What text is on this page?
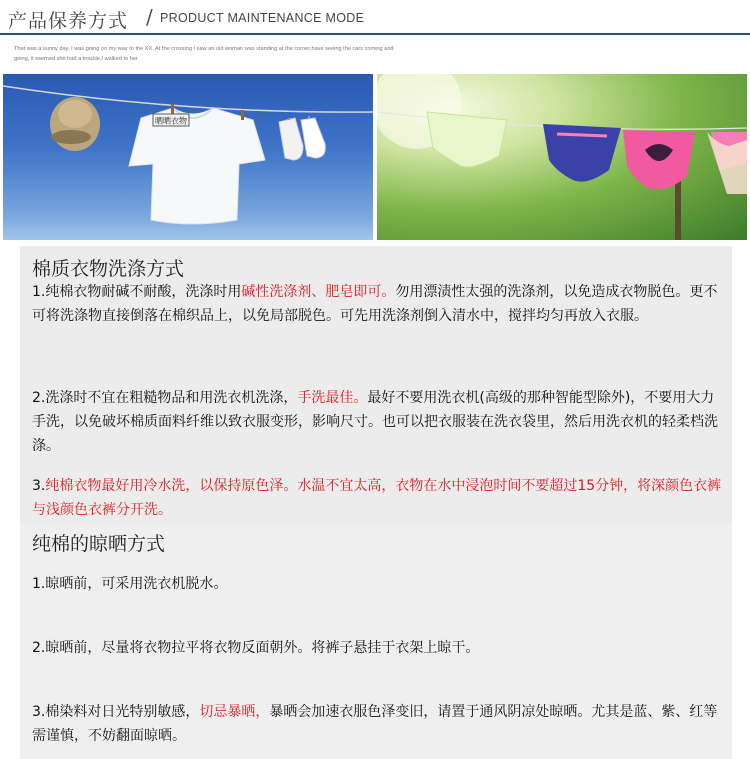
产品保养方式 / PRODUCT MAINTENANCE MODE
That was a sunny day, I was going on my way to the XX. At the crossing I saw an old woman was standing at the corner,have seeing the cars coming and going, it seemed she had a trouble,I walked to her
晒晒衣物
棉质衣物洗涤方式
1.纯棉衣物耐碱不耐酸，洗涤时用碱性洗涤剂、肥皂即可。勿用漂渍性太强的洗涤剂，以免造成衣物脱色。更不可将洗涤物直接倒落在棉织品上，以免局部脱色。可先用洗涤剂倒入清水中，搅拌均匀再放入衣服。
2.洗涤时不宜在粗糙物品和用洗衣机洗涤，手洗最佳。最好不要用洗衣机(高级的那种智能型除外)，不要用大力手洗，以免破坏棉质面料纤维以致衣服变形，影响尺寸。也可以把衣服装在洗衣袋里，然后用洗衣机的轻柔档洗涤。
3.纯棉衣物最好用冷水洗，以保持原色泽。水温不宜太高，衣物在水中浸泡时间不要超过15分钟，将深颜色衣裤与浅颜色衣裤分开洗。
纯棉的晾晒方式
1.晾晒前，可采用洗衣机脱水。
2.晾晒前，尽量将衣物拉平将衣物反面朝外。将裤子悬挂于衣架上晾干。
3.棉染料对日光特别敏感，切忌暴晒，暴晒会加速衣服色泽变旧，请置于通风阴凉处晾晒。尤其是蓝、紫、红等需谨慎，不妨翻面晾晒。
